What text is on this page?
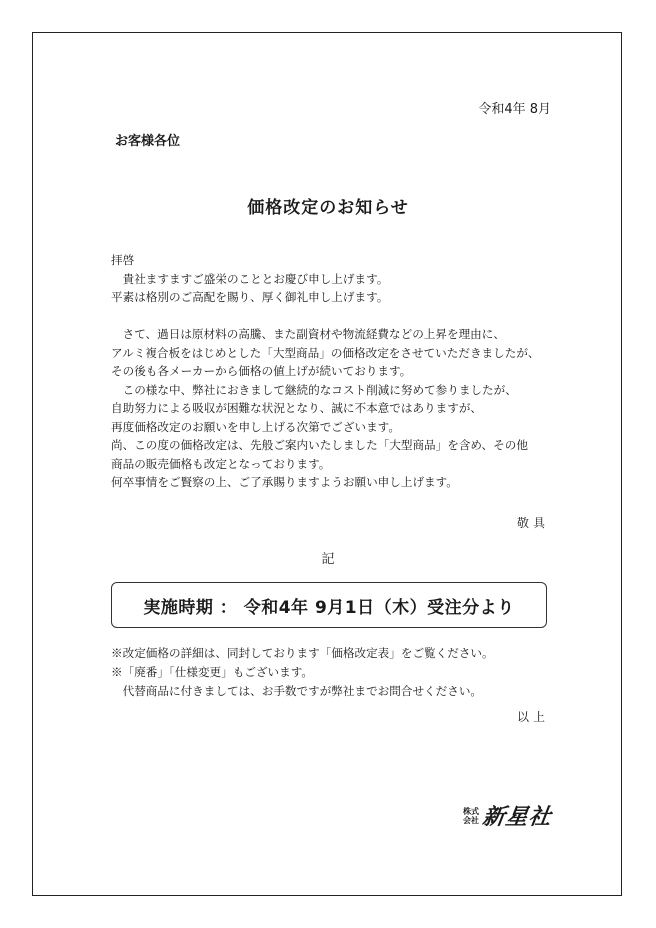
令和4年 8月
お客様各位
価格改定のお知らせ

拝啓

　貴社ますますご盛栄のこととお慶び申し上げます。

平素は格別のご高配を賜り、厚く御礼申し上げます。

　さて、過日は原材料の高騰、また副資材や物流経費などの上昇を理由に、

アルミ複合板をはじめとした「大型商品」の価格改定をさせていただきましたが、

その後も各メーカーから価格の値上げが続いております。

　この様な中、弊社におきまして継続的なコスト削減に努めて参りましたが、

自助努力による吸収が困難な状況となり、誠に不本意ではありますが、

再度価格改定のお願いを申し上げる次第でございます。

尚、この度の価格改定は、先般ご案内いたしました「大型商品」を含め、その他

商品の販売価格も改定となっております。

何卒事情をご賢察の上、ご了承賜りますようお願い申し上げます。

敬具
記
実施時期 ： 令和4年 9月1日（木）受注分より

※改定価格の詳細は、同封しております「価格改定表」をご覧ください。

※「廃番」「仕様変更」もございます。

　代替商品に付きましては、お手数ですが弊社までお問合せください。

以上
株式
会社 新星社
